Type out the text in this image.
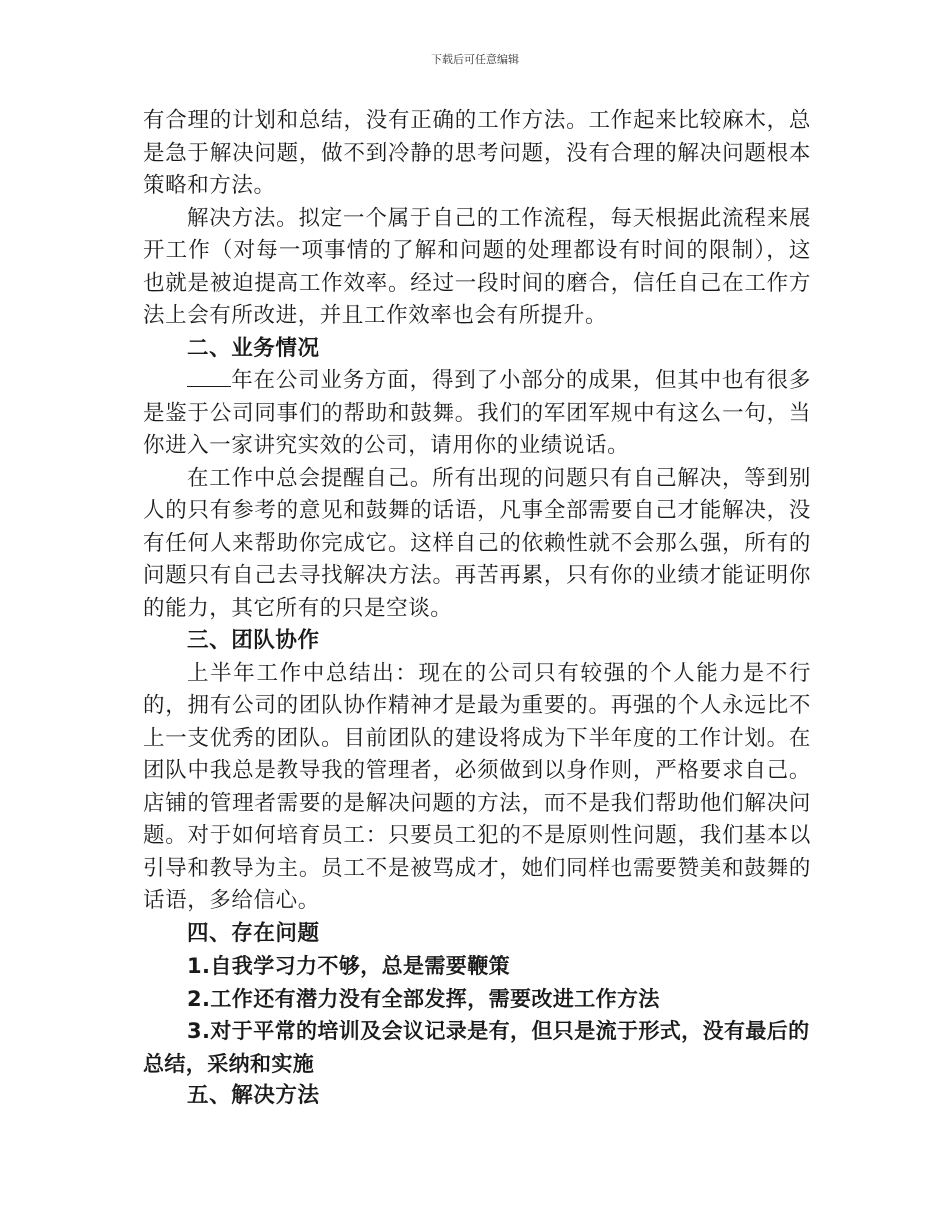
下载后可任意编辑

有合理的计划和总结，没有正确的工作方法。工作起来比较麻木，总是急于解决问题，做不到冷静的思考问题，没有合理的解决问题根本策略和方法。

解决方法。拟定一个属于自己的工作流程，每天根据此流程来展开工作（对每一项事情的了解和问题的处理都设有时间的限制），这也就是被迫提高工作效率。经过一段时间的磨合，信任自己在工作方法上会有所改进，并且工作效率也会有所提升。

二、业务情况

年在公司业务方面，得到了小部分的成果，但其中也有很多是鉴于公司同事们的帮助和鼓舞。我们的军团军规中有这么一句，当你进入一家讲究实效的公司，请用你的业绩说话。

在工作中总会提醒自己。所有出现的问题只有自己解决，等到别人的只有参考的意见和鼓舞的话语，凡事全部需要自己才能解决，没有任何人来帮助你完成它。这样自己的依赖性就不会那么强，所有的问题只有自己去寻找解决方法。再苦再累，只有你的业绩才能证明你的能力，其它所有的只是空谈。

三、团队协作

上半年工作中总结出：现在的公司只有较强的个人能力是不行的，拥有公司的团队协作精神才是最为重要的。再强的个人永远比不上一支优秀的团队。目前团队的建设将成为下半年度的工作计划。在团队中我总是教导我的管理者，必须做到以身作则，严格要求自己。店铺的管理者需要的是解决问题的方法，而不是我们帮助他们解决问题。对于如何培育员工：只要员工犯的不是原则性问题，我们基本以引导和教导为主。员工不是被骂成才，她们同样也需要赞美和鼓舞的话语，多给信心。

四、存在问题

1.自我学习力不够，总是需要鞭策

2.工作还有潜力没有全部发挥，需要改进工作方法

3.对于平常的培训及会议记录是有，但只是流于形式，没有最后的总结，采纳和实施

五、解决方法
